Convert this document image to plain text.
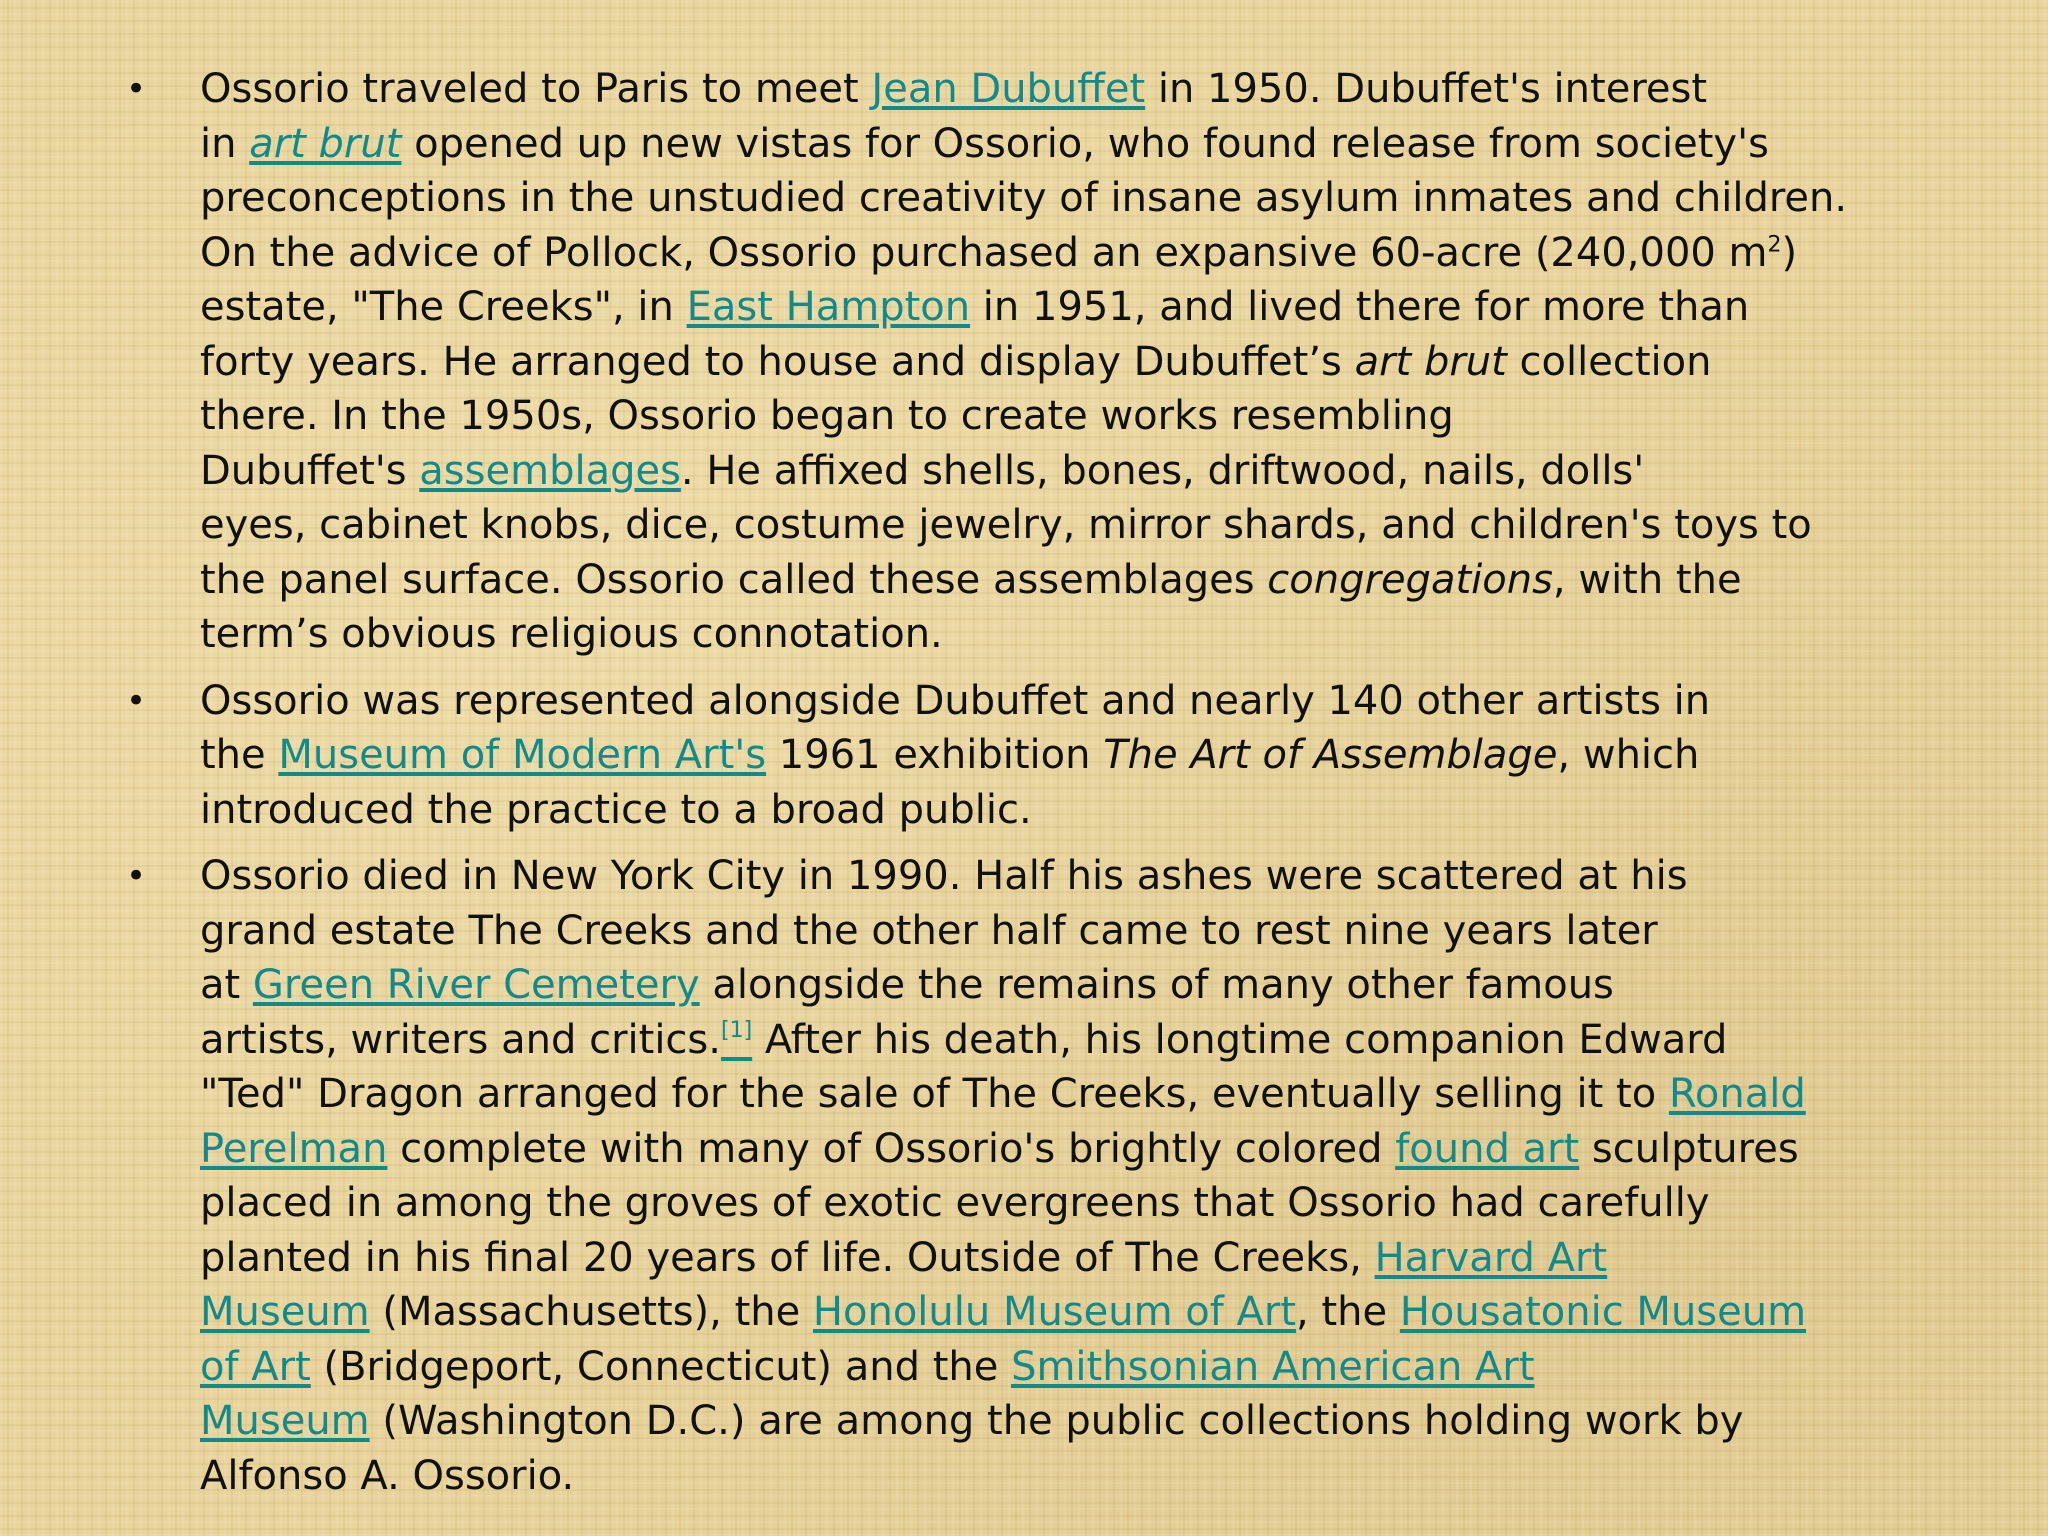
• Ossorio traveled to Paris to meet Jean Dubuffet in 1950. Dubuffet's interest
in art brut opened up new vistas for Ossorio, who found release from society's
preconceptions in the unstudied creativity of insane asylum inmates and children.
On the advice of Pollock, Ossorio purchased an expansive 60-acre (240,000 m$^2$)
estate, "The Creeks", in East Hampton in 1951, and lived there for more than
forty years. He arranged to house and display Dubuffet’s art brut collection
there. In the 1950s, Ossorio began to create works resembling
Dubuffet's assemblages. He affixed shells, bones, driftwood, nails, dolls'
eyes, cabinet knobs, dice, costume jewelry, mirror shards, and children's toys to
the panel surface. Ossorio called these assemblages congregations, with the
term’s obvious religious connotation.
• Ossorio was represented alongside Dubuffet and nearly 140 other artists in
the Museum of Modern Art's 1961 exhibition The Art of Assemblage, which
introduced the practice to a broad public.
• Ossorio died in New York City in 1990. Half his ashes were scattered at his
grand estate The Creeks and the other half came to rest nine years later
at Green River Cemetery alongside the remains of many other famous
artists, writers and critics.[1] After his death, his longtime companion Edward
"Ted" Dragon arranged for the sale of The Creeks, eventually selling it to Ronald
Perelman complete with many of Ossorio's brightly colored found art sculptures
placed in among the groves of exotic evergreens that Ossorio had carefully
planted in his final 20 years of life. Outside of The Creeks, Harvard Art
Museum (Massachusetts), the Honolulu Museum of Art, the Housatonic Museum
of Art (Bridgeport, Connecticut) and the Smithsonian American Art
Museum (Washington D.C.) are among the public collections holding work by
Alfonso A. Ossorio.
